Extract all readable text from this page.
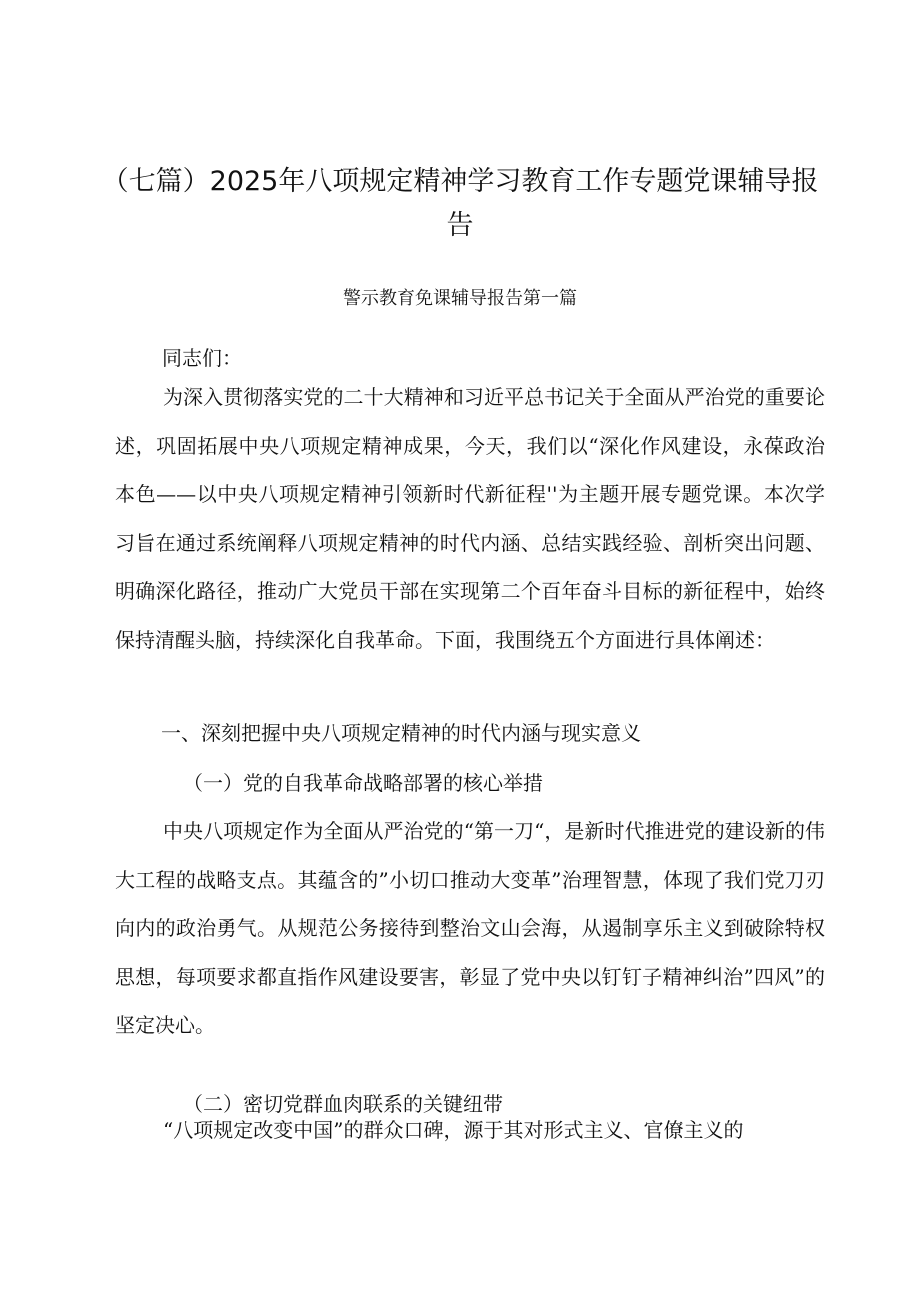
（七篇）2025年八项规定精神学习教育工作专题党课辅导报告

警示教育免课辅导报告第一篇

同志们：

为深入贯彻落实党的二十大精神和习近平总书记关于全面从严治党的重要论述，巩固拓展中央八项规定精神成果，今天，我们以“深化作风建设，永葆政治本色——以中央八项规定精神引领新时代新征程''为主题开展专题党课。本次学习旨在通过系统阐释八项规定精神的时代内涵、总结实践经验、剖析突出问题、明确深化路径，推动广大党员干部在实现第二个百年奋斗目标的新征程中，始终保持清醒头脑，持续深化自我革命。下面，我围绕五个方面进行具体阐述：

一、深刻把握中央八项规定精神的时代内涵与现实意义

（一）党的自我革命战略部署的核心举措

中央八项规定作为全面从严治党的“第一刀“，是新时代推进党的建设新的伟大工程的战略支点。其蕴含的”小切口推动大变革”治理智慧，体现了我们党刀刃向内的政治勇气。从规范公务接待到整治文山会海，从遏制享乐主义到破除特权思想，每项要求都直指作风建设要害，彰显了党中央以钉钉子精神纠治”四风”的坚定决心。

（二）密切党群血肉联系的关键纽带

“八项规定改变中国”的群众口碑，源于其对形式主义、官僚主义的
